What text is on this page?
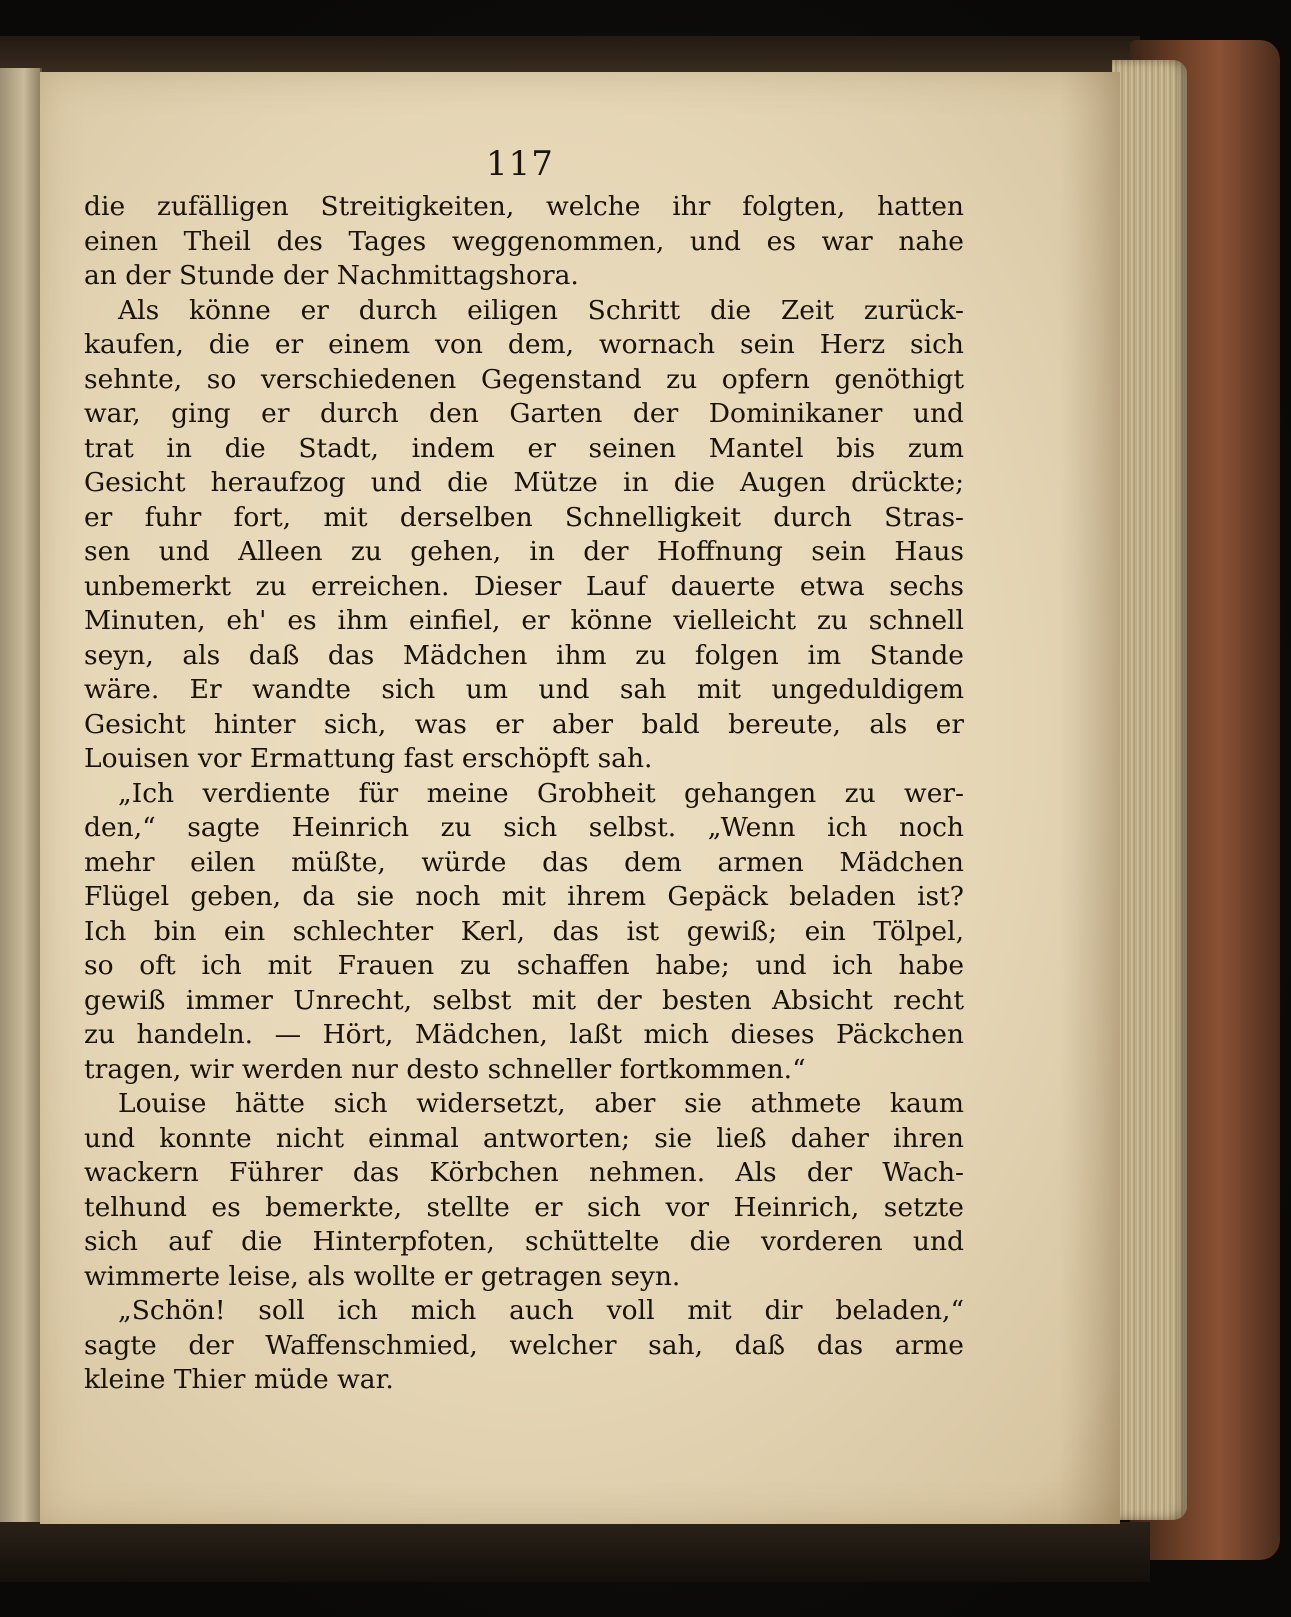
117
die zufälligen Streitigkeiten, welche ihr folgten, hatten
einen Theil des Tages weggenommen, und es war nahe
an der Stunde der Nachmittagshora.
Als könne er durch eiligen Schritt die Zeit zurück-
kaufen, die er einem von dem, wornach sein Herz sich
sehnte, so verschiedenen Gegenstand zu opfern genöthigt
war, ging er durch den Garten der Dominikaner und
trat in die Stadt, indem er seinen Mantel bis zum
Gesicht heraufzog und die Mütze in die Augen drückte;
er fuhr fort, mit derselben Schnelligkeit durch Stras-
sen und Alleen zu gehen, in der Hoffnung sein Haus
unbemerkt zu erreichen. Dieser Lauf dauerte etwa sechs
Minuten, eh' es ihm einfiel, er könne vielleicht zu schnell
seyn, als daß das Mädchen ihm zu folgen im Stande
wäre. Er wandte sich um und sah mit ungeduldigem
Gesicht hinter sich, was er aber bald bereute, als er
Louisen vor Ermattung fast erschöpft sah.
„Ich verdiente für meine Grobheit gehangen zu wer-
den,“ sagte Heinrich zu sich selbst. „Wenn ich noch
mehr eilen müßte, würde das dem armen Mädchen
Flügel geben, da sie noch mit ihrem Gepäck beladen ist?
Ich bin ein schlechter Kerl, das ist gewiß; ein Tölpel,
so oft ich mit Frauen zu schaffen habe; und ich habe
gewiß immer Unrecht, selbst mit der besten Absicht recht
zu handeln. — Hört, Mädchen, laßt mich dieses Päckchen
tragen, wir werden nur desto schneller fortkommen.“
Louise hätte sich widersetzt, aber sie athmete kaum
und konnte nicht einmal antworten; sie ließ daher ihren
wackern Führer das Körbchen nehmen. Als der Wach-
telhund es bemerkte, stellte er sich vor Heinrich, setzte
sich auf die Hinterpfoten, schüttelte die vorderen und
wimmerte leise, als wollte er getragen seyn.
„Schön! soll ich mich auch voll mit dir beladen,“
sagte der Waffenschmied, welcher sah, daß das arme
kleine Thier müde war.
